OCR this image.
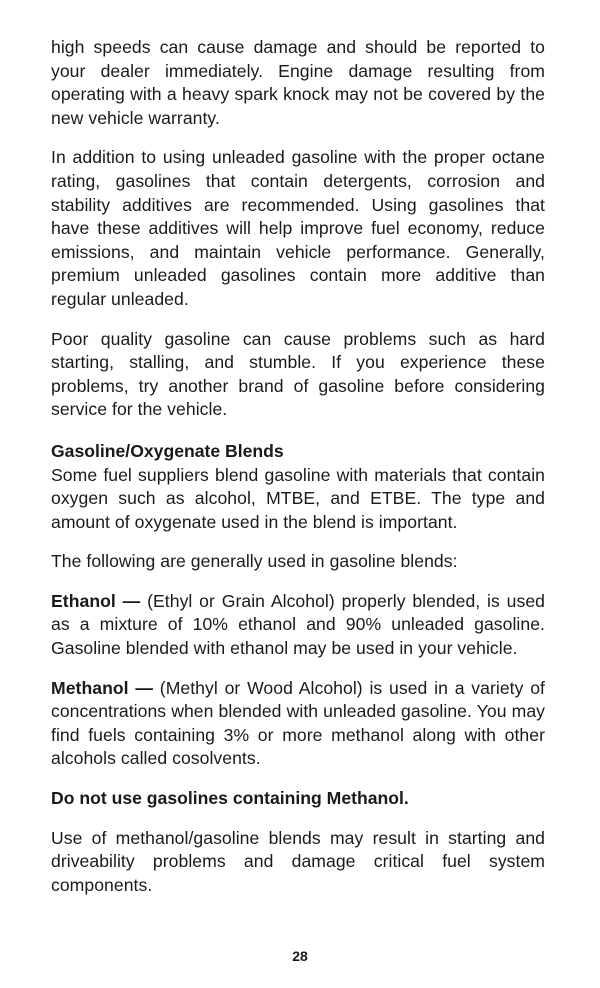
high speeds can cause damage and should be reported to your dealer immediately. Engine damage resulting from operating with a heavy spark knock may not be covered by the new vehicle warranty.

In addition to using unleaded gasoline with the proper octane rating, gasolines that contain detergents, corrosion and stability additives are recommended. Using gasolines that have these additives will help improve fuel economy, reduce emissions, and maintain vehicle performance. Generally, premium unleaded gasolines contain more additive than regular unleaded.

Poor quality gasoline can cause problems such as hard starting, stalling, and stumble. If you experience these problems, try another brand of gasoline before considering service for the vehicle.

Gasoline/Oxygenate Blends

Some fuel suppliers blend gasoline with materials that contain oxygen such as alcohol, MTBE, and ETBE. The type and amount of oxygenate used in the blend is important.

The following are generally used in gasoline blends:

Ethanol — (Ethyl or Grain Alcohol) properly blended, is used as a mixture of 10% ethanol and 90% unleaded gasoline. Gasoline blended with ethanol may be used in your vehicle.

Methanol — (Methyl or Wood Alcohol) is used in a variety of concentrations when blended with unleaded gasoline. You may find fuels containing 3% or more methanol along with other alcohols called cosolvents.

Do not use gasolines containing Methanol.

Use of methanol/gasoline blends may result in starting and driveability problems and damage critical fuel system components.

28
